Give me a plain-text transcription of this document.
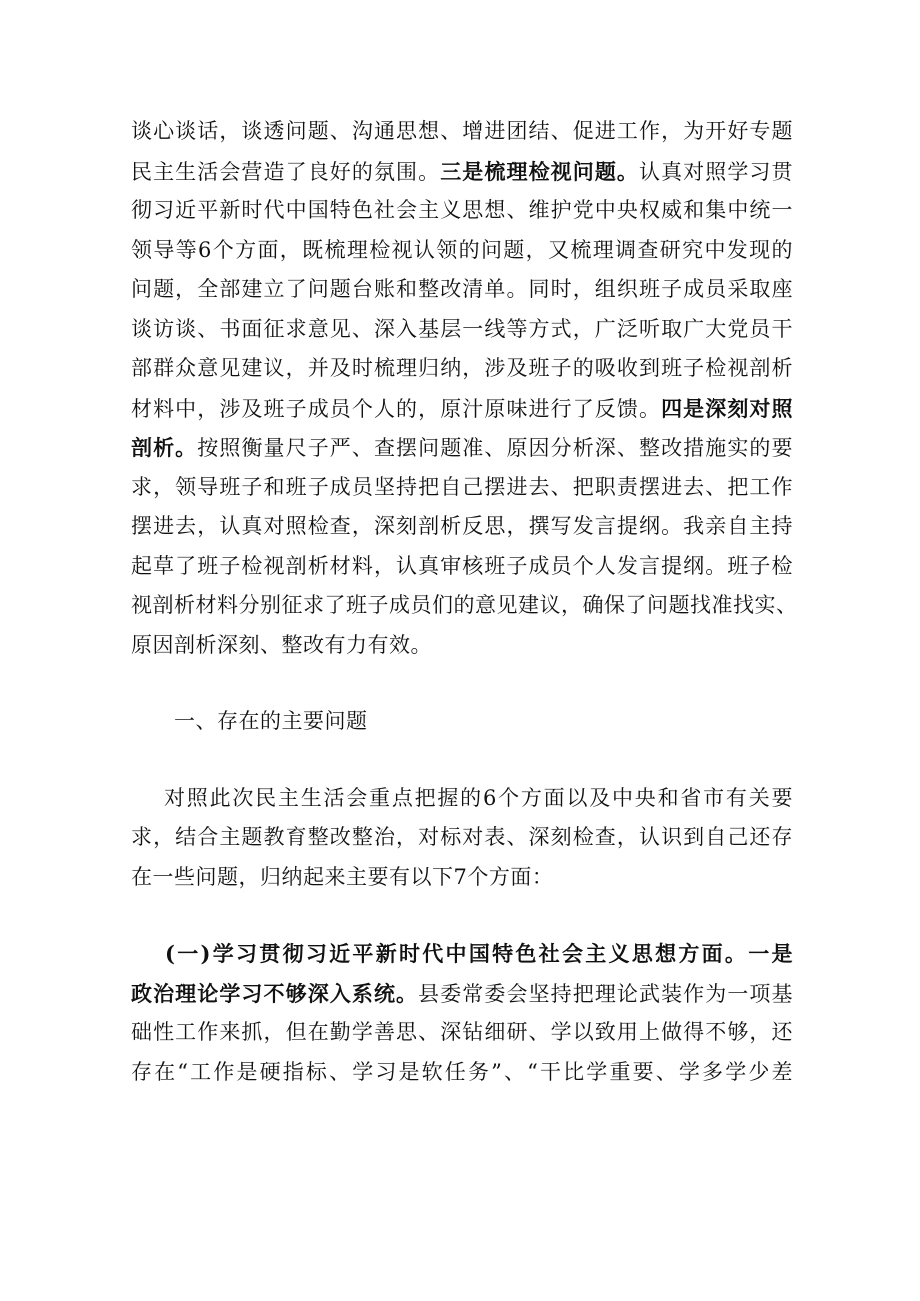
谈心谈话，谈透问题、沟通思想、增进团结、促进工作，为开好专题
民主生活会营造了良好的氛围。三是梳理检视问题。认真对照学习贯
彻习近平新时代中国特色社会主义思想、维护党中央权威和集中统一
领导等6个方面，既梳理检视认领的问题，又梳理调查研究中发现的
问题，全部建立了问题台账和整改清单。同时，组织班子成员采取座
谈访谈、书面征求意见、深入基层一线等方式，广泛听取广大党员干
部群众意见建议，并及时梳理归纳，涉及班子的吸收到班子检视剖析
材料中，涉及班子成员个人的，原汁原味进行了反馈。四是深刻对照
剖析。按照衡量尺子严、查摆问题准、原因分析深、整改措施实的要
求，领导班子和班子成员坚持把自己摆进去、把职责摆进去、把工作
摆进去，认真对照检查，深刻剖析反思，撰写发言提纲。我亲自主持
起草了班子检视剖析材料，认真审核班子成员个人发言提纲。班子检
视剖析材料分别征求了班子成员们的意见建议，确保了问题找准找实、
原因剖析深刻、整改有力有效。
一、存在的主要问题
对照此次民主生活会重点把握的6个方面以及中央和省市有关要
求，结合主题教育整改整治，对标对表、深刻检查，认识到自己还存
在一些问题，归纳起来主要有以下7个方面：
(一)学习贯彻习近平新时代中国特色社会主义思想方面。一是
政治理论学习不够深入系统。县委常委会坚持把理论武装作为一项基
础性工作来抓，但在勤学善思、深钻细研、学以致用上做得不够，还
存在“工作是硬指标、学习是软任务”、“干比学重要、学多学少差
